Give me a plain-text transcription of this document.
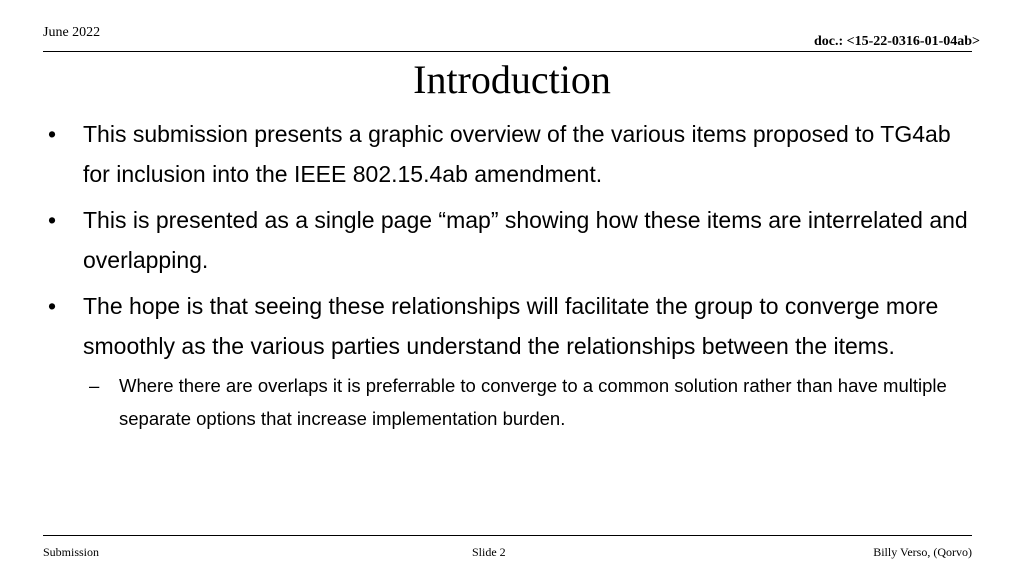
June 2022
doc.: <15-22-0316-01-04ab>
Introduction
• This submission presents a graphic overview of the various items proposed to TG4ab for inclusion into the IEEE 802.15.4ab amendment.
• This is presented as a single page “map” showing how these items are interrelated and overlapping.
• The hope is that seeing these relationships will facilitate the group to converge more smoothly as the various parties understand the relationships between the items.
– Where there are overlaps it is preferrable to converge to a common solution rather than have multiple separate options that increase implementation burden.
Submission	Slide 2	Billy Verso, (Qorvo)
